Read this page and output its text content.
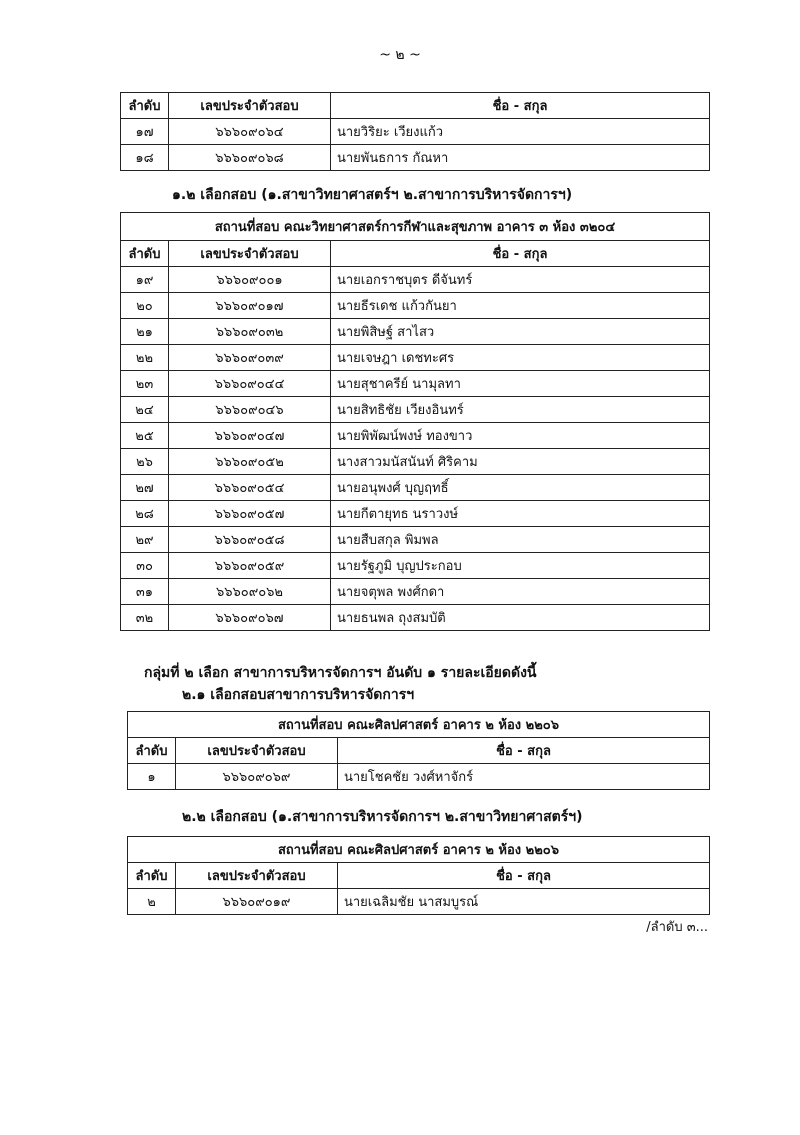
~ ๒ ~
ลำดับ	เลขประจำตัวสอบ	ชื่อ - สกุล
๑๗	๖๖๖๐๙๐๖๔	นายวิริยะ เวียงแก้ว
๑๘	๖๖๖๐๙๐๖๘	นายพันธการ กัณหา
๑.๒ เลือกสอบ (๑.สาขาวิทยาศาสตร์ฯ ๒.สาขาการบริหารจัดการฯ)
สถานที่สอบ คณะวิทยาศาสตร์การกีฬาและสุขภาพ อาคาร ๓ ห้อง ๓๒๐๔		
ลำดับ	เลขประจำตัวสอบ	ชื่อ - สกุล
๑๙	๖๖๖๐๙๐๐๑	นายเอกราชบุตร ดีจันทร์
๒๐	๖๖๖๐๙๐๑๗	นายธีรเดช แก้วกันยา
๒๑	๖๖๖๐๙๐๓๒	นายพิสิษฐ์ สาไสว
๒๒	๖๖๖๐๙๐๓๙	นายเจษฎา เดชทะศร
๒๓	๖๖๖๐๙๐๔๔	นายสุชาครีย์ นามุลทา
๒๔	๖๖๖๐๙๐๔๖	นายสิทธิชัย เวียงอินทร์
๒๕	๖๖๖๐๙๐๔๗	นายพิพัฒน์พงษ์ ทองขาว
๒๖	๖๖๖๐๙๐๕๒	นางสาวมนัสนันท์ ศิริคาม
๒๗	๖๖๖๐๙๐๕๔	นายอนุพงศ์ บุญฤทธิ์
๒๘	๖๖๖๐๙๐๕๗	นายกีตายุทธ นราวงษ์
๒๙	๖๖๖๐๙๐๕๘	นายสืบสกุล พิมพล
๓๐	๖๖๖๐๙๐๕๙	นายรัฐภูมิ บุญประกอบ
๓๑	๖๖๖๐๙๐๖๒	นายจตุพล พงศ์กดา
๓๒	๖๖๖๐๙๐๖๗	นายธนพล ถุงสมบัติ
กลุ่มที่ ๒ เลือก สาขาการบริหารจัดการฯ อันดับ ๑ รายละเอียดดังนี้
๒.๑ เลือกสอบสาขาการบริหารจัดการฯ
สถานที่สอบ คณะศิลปศาสตร์ อาคาร ๒ ห้อง ๒๒๐๖		
ลำดับ	เลขประจำตัวสอบ	ชื่อ - สกุล
๑	๖๖๖๐๙๐๖๙	นายโชคชัย วงศ์หาจักร์
๒.๒ เลือกสอบ (๑.สาขาการบริหารจัดการฯ ๒.สาขาวิทยาศาสตร์ฯ)
สถานที่สอบ คณะศิลปศาสตร์ อาคาร ๒ ห้อง ๒๒๐๖		
ลำดับ	เลขประจำตัวสอบ	ชื่อ - สกุล
๒	๖๖๖๐๙๐๑๙	นายเฉลิมชัย นาสมบูรณ์
/ลำดับ ๓...
